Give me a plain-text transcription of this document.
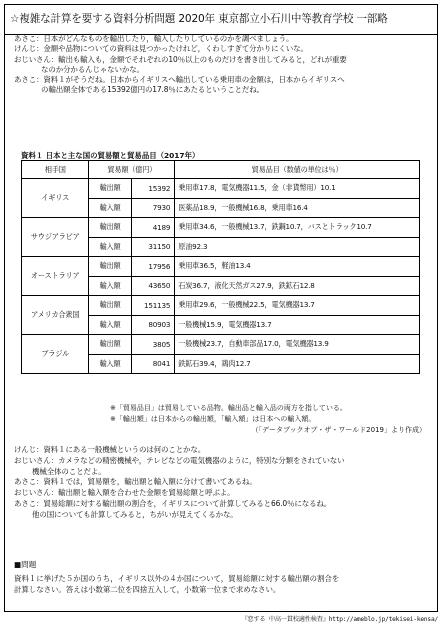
☆複雑な計算を要する資料分析問題 2020年 東京都立小石川中等教育学校 一部略
あさこ：日本がどんなものを輸出したり，輸入したりしているのかを調べましょう。
けんじ：金額や品物についての資料は見つかったけれど，くわしすぎて分かりにくいな。
おじいさん：輸出も輸入も，金額でそれぞれの10％以上のものだけを書き出してみると，どれが重要
なのか分かるんじゃないかな。
あさこ：資料１がそうだね。日本からイギリスへ輸出している乗用車の金額は，日本からイギリスへ
の輸出額全体である15392億円の17.8％にあたるということだね。
資料１ 日本と主な国の貿易額と貿易品目（2017年）
相手国	貿易額（億円）		貿易品目（数値の単位は％）
イギリス	輸出額	15392	乗用車17.8，電気機器11.5，金（非貨幣用）10.1
	輸入額	7930	医薬品18.9，一般機械16.8，乗用車16.4
サウジアラビア	輸出額	4189	乗用車34.6，一般機械13.7，鉄鋼10.7，バスとトラック10.7
	輸入額	31150	原油92.3
オーストラリア	輸出額	17956	乗用車36.5，軽油13.4
	輸入額	43650	石炭36.7，液化天然ガス27.9，鉄鉱石12.8
アメリカ合衆国	輸出額	151135	乗用車29.6，一般機械22.5，電気機器13.7
	輸入額	80903	一般機械15.9，電気機器13.7
ブラジル	輸出額	3805	一般機械23.7，自動車部品17.0，電気機器13.9
	輸入額	8041	鉄鉱石39.4，鶏肉12.7
※「貿易品目」は貿易している品物。輸出品と輸入品の両方を指している。
※「輸出額」は日本からの輸出額，「輸入額」は日本への輸入額。
（「データブックオブ・ザ・ワールド2019」より作成）
けんじ：資料１にある一般機械というのは何のことかな。
おじいさん：カメラなどの精密機械や，テレビなどの電気機器のように，特別な分類をされていない
機械全体のことだよ。
あさこ：資料１では，貿易額を，輸出額と輸入額に分けて書いてあるね。
おじいさん：輸出額と輸入額を合わせた金額を貿易総額と呼ぶよ。
あさこ：貿易総額に対する輸出額の割合を，イギリスについて計算してみると66.0％になるね。
他の国についても計算してみると，ちがいが見えてくるかな。
■問題
資料１に挙げた５か国のうち，イギリス以外の４か国について，貿易総額に対する輸出額の割合を
計算しなさい。答えは小数第二位を四捨五入して，小数第一位まで求めなさい。
『恋する 中高一貫校適性検査』http://ameblo.jp/tekisei-kensa/
